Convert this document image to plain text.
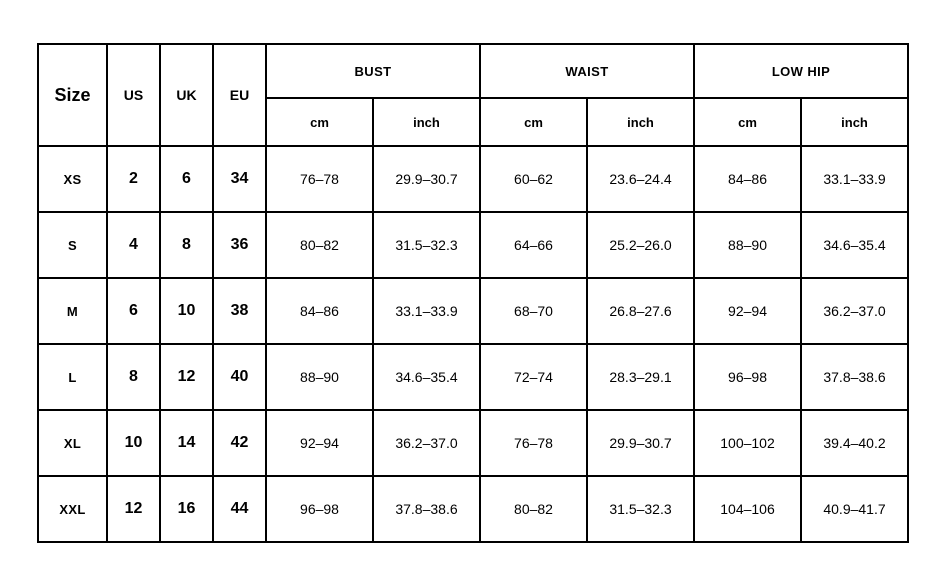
Size	US	UK	EU	BUST		WAIST		LOW HIP	
				cm	inch	cm	inch	cm	inch
XS	2	6	34	76–78	29.9–30.7	60–62	23.6–24.4	84–86	33.1–33.9
S	4	8	36	80–82	31.5–32.3	64–66	25.2–26.0	88–90	34.6–35.4
M	6	10	38	84–86	33.1–33.9	68–70	26.8–27.6	92–94	36.2–37.0
L	8	12	40	88–90	34.6–35.4	72–74	28.3–29.1	96–98	37.8–38.6
XL	10	14	42	92–94	36.2–37.0	76–78	29.9–30.7	100–102	39.4–40.2
XXL	12	16	44	96–98	37.8–38.6	80–82	31.5–32.3	104–106	40.9–41.7
